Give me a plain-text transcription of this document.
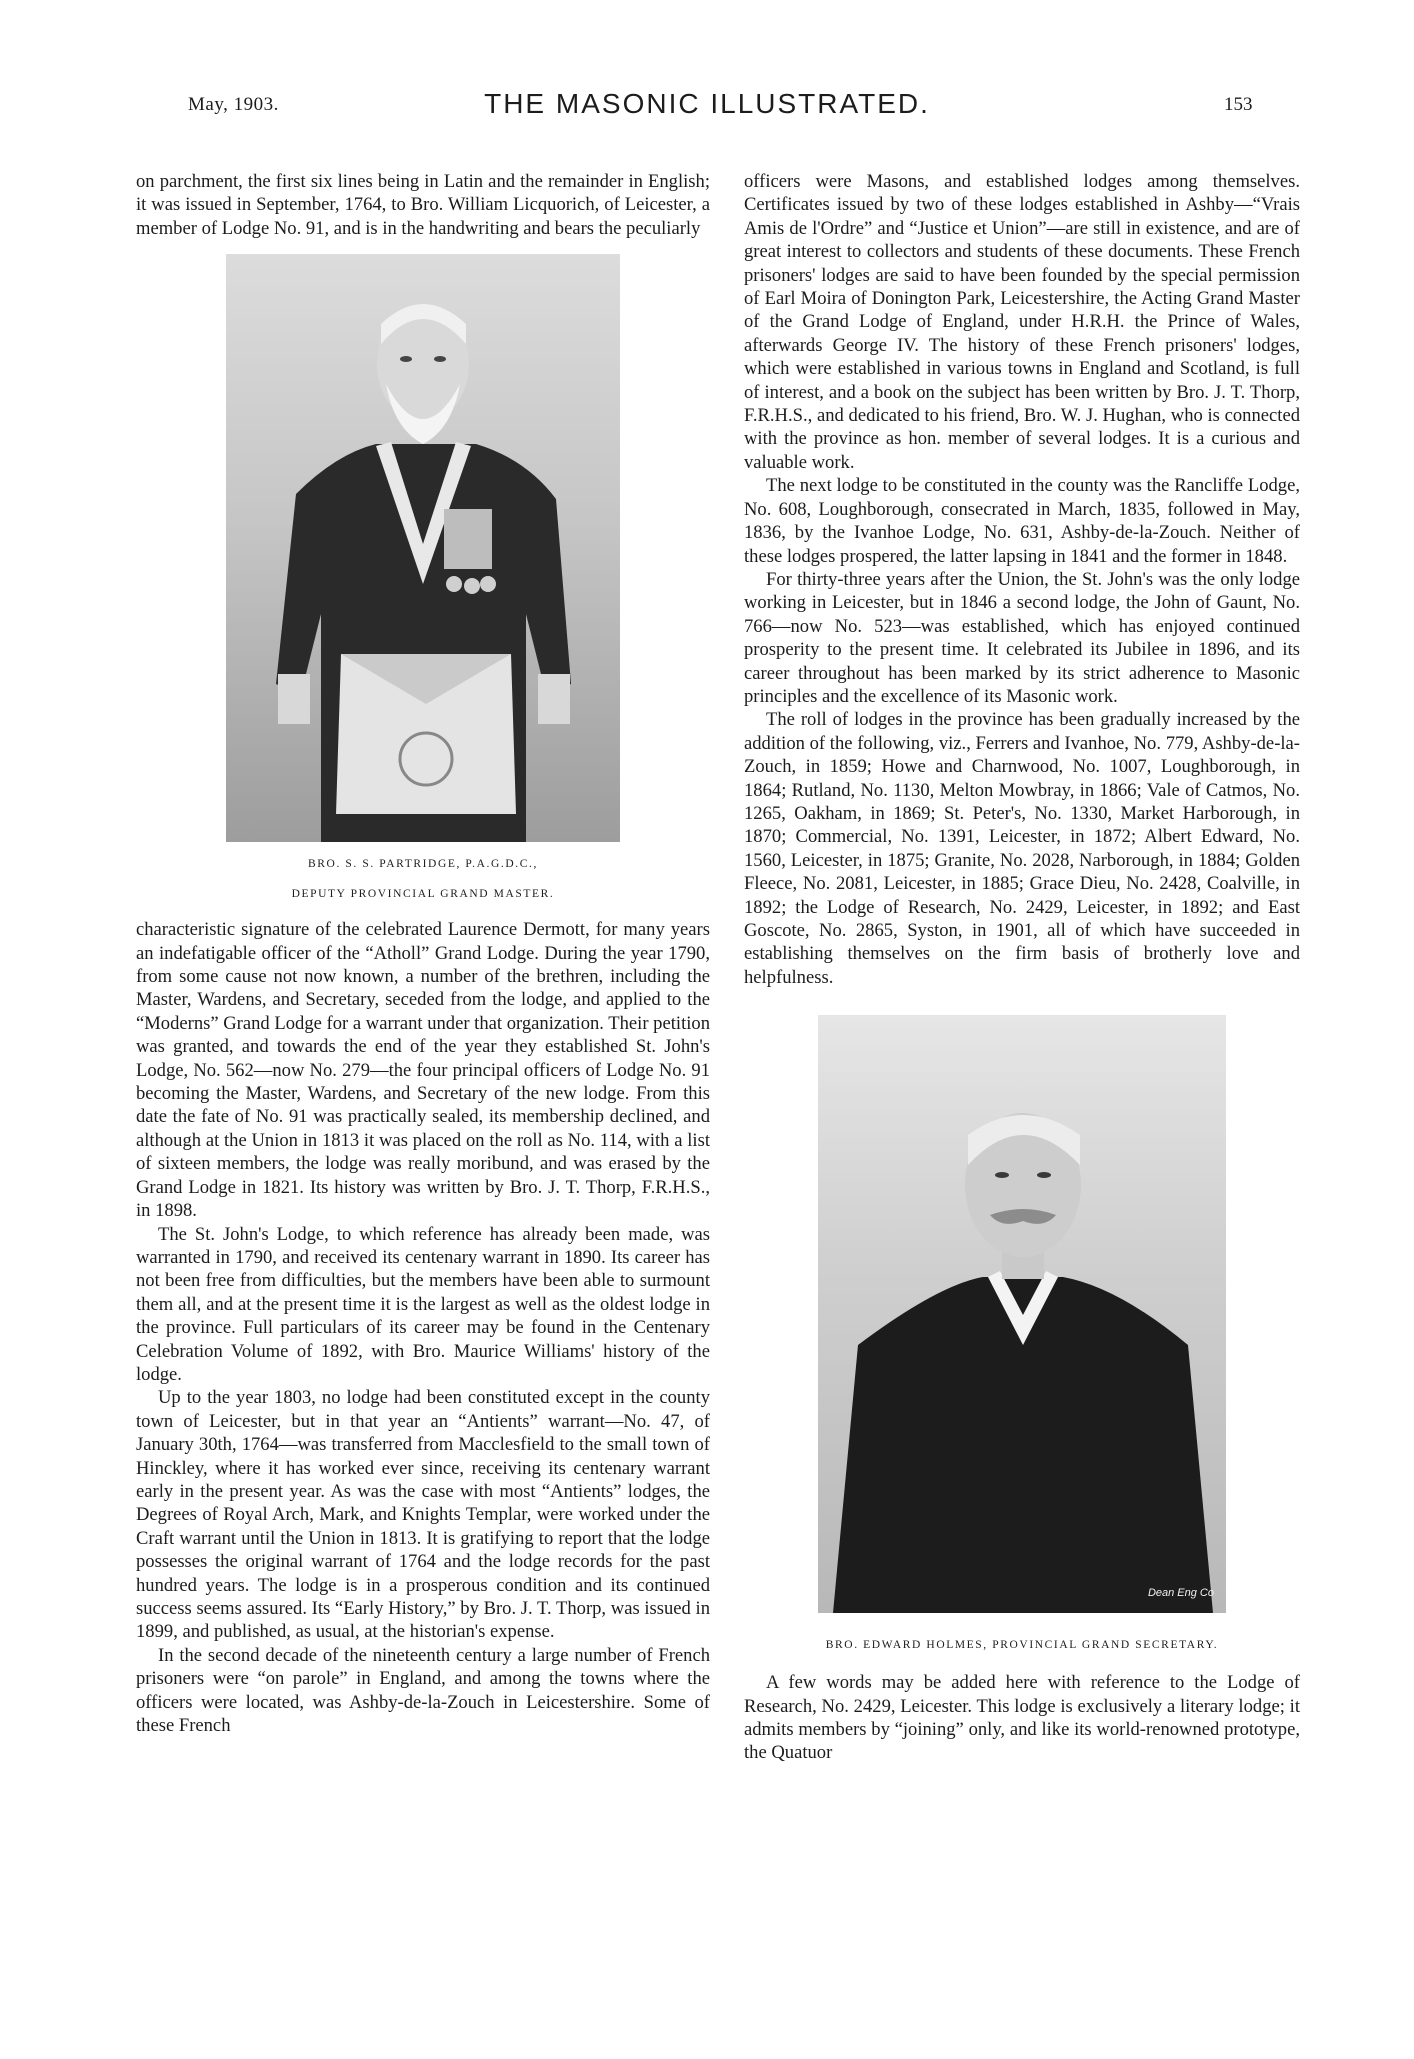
May, 1903.	THE MASONIC ILLUSTRATED.	153

on parchment, the first six lines being in Latin and the remainder in English; it was issued in September, 1764, to Bro. William Licquorich, of Leicester, a member of Lodge No. 91, and is in the handwriting and bears the peculiarly

BRO. S. S. PARTRIDGE, P.A.G.D.C.,
DEPUTY PROVINCIAL GRAND MASTER.

characteristic signature of the celebrated Laurence Dermott, for many years an indefatigable officer of the “Atholl” Grand Lodge. During the year 1790, from some cause not now known, a number of the brethren, including the Master, Wardens, and Secretary, seceded from the lodge, and applied to the “Moderns” Grand Lodge for a warrant under that organization. Their petition was granted, and towards the end of the year they established St. John's Lodge, No. 562—now No. 279—the four principal officers of Lodge No. 91 becoming the Master, Wardens, and Secretary of the new lodge. From this date the fate of No. 91 was practically sealed, its membership declined, and although at the Union in 1813 it was placed on the roll as No. 114, with a list of sixteen members, the lodge was really moribund, and was erased by the Grand Lodge in 1821. Its history was written by Bro. J. T. Thorp, F.R.H.S., in 1898.

The St. John's Lodge, to which reference has already been made, was warranted in 1790, and received its centenary warrant in 1890. Its career has not been free from difficulties, but the members have been able to surmount them all, and at the present time it is the largest as well as the oldest lodge in the province. Full particulars of its career may be found in the Centenary Celebration Volume of 1892, with Bro. Maurice Williams' history of the lodge.

Up to the year 1803, no lodge had been constituted except in the county town of Leicester, but in that year an “Antients” warrant—No. 47, of January 30th, 1764—was transferred from Macclesfield to the small town of Hinckley, where it has worked ever since, receiving its centenary warrant early in the present year. As was the case with most “Antients” lodges, the Degrees of Royal Arch, Mark, and Knights Templar, were worked under the Craft warrant until the Union in 1813. It is gratifying to report that the lodge possesses the original warrant of 1764 and the lodge records for the past hundred years. The lodge is in a prosperous condition and its continued success seems assured. Its “Early History,” by Bro. J. T. Thorp, was issued in 1899, and published, as usual, at the historian's expense.

In the second decade of the nineteenth century a large number of French prisoners were “on parole” in England, and among the towns where the officers were located, was Ashby-de-la-Zouch in Leicestershire. Some of these French

officers were Masons, and established lodges among themselves. Certificates issued by two of these lodges established in Ashby—“Vrais Amis de l'Ordre” and “Justice et Union”—are still in existence, and are of great interest to collectors and students of these documents. These French prisoners' lodges are said to have been founded by the special permission of Earl Moira of Donington Park, Leicestershire, the Acting Grand Master of the Grand Lodge of England, under H.R.H. the Prince of Wales, afterwards George IV. The history of these French prisoners' lodges, which were established in various towns in England and Scotland, is full of interest, and a book on the subject has been written by Bro. J. T. Thorp, F.R.H.S., and dedicated to his friend, Bro. W. J. Hughan, who is connected with the province as hon. member of several lodges. It is a curious and valuable work.

The next lodge to be constituted in the county was the Rancliffe Lodge, No. 608, Loughborough, consecrated in March, 1835, followed in May, 1836, by the Ivanhoe Lodge, No. 631, Ashby-de-la-Zouch. Neither of these lodges prospered, the latter lapsing in 1841 and the former in 1848.

For thirty-three years after the Union, the St. John's was the only lodge working in Leicester, but in 1846 a second lodge, the John of Gaunt, No. 766—now No. 523—was established, which has enjoyed continued prosperity to the present time. It celebrated its Jubilee in 1896, and its career throughout has been marked by its strict adherence to Masonic principles and the excellence of its Masonic work.

The roll of lodges in the province has been gradually increased by the addition of the following, viz., Ferrers and Ivanhoe, No. 779, Ashby-de-la-Zouch, in 1859; Howe and Charnwood, No. 1007, Loughborough, in 1864; Rutland, No. 1130, Melton Mowbray, in 1866; Vale of Catmos, No. 1265, Oakham, in 1869; St. Peter's, No. 1330, Market Harborough, in 1870; Commercial, No. 1391, Leicester, in 1872; Albert Edward, No. 1560, Leicester, in 1875; Granite, No. 2028, Narborough, in 1884; Golden Fleece, No. 2081, Leicester, in 1885; Grace Dieu, No. 2428, Coalville, in 1892; the Lodge of Research, No. 2429, Leicester, in 1892; and East Goscote, No. 2865, Syston, in 1901, all of which have succeeded in establishing themselves on the firm basis of brotherly love and helpfulness.

Dean Eng Co
BRO. EDWARD HOLMES, PROVINCIAL GRAND SECRETARY.

A few words may be added here with reference to the Lodge of Research, No. 2429, Leicester. This lodge is exclusively a literary lodge; it admits members by “joining” only, and like its world-renowned prototype, the Quatuor
